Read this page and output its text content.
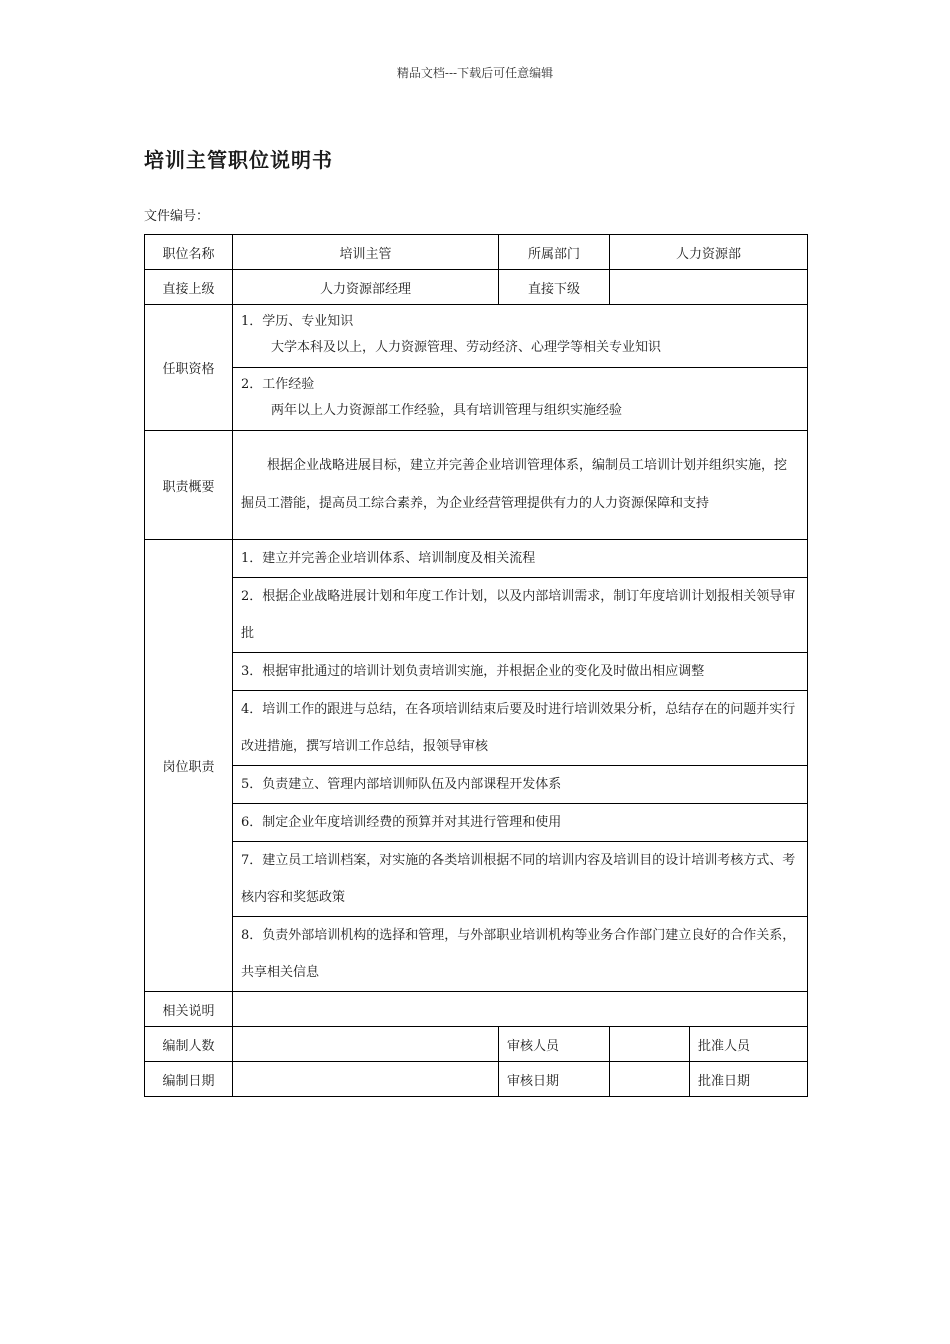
精品文档---下载后可任意编辑
培训主管职位说明书
文件编号：
职位名称	培训主管	所属部门	人力资源部	
直接上级	人力资源部经理	直接下级		
任职资格	1．学历、专业知识
大学本科及以上，人力资源管理、劳动经济、心理学等相关专业知识			

	2．工作经验
两年以上人力资源部工作经验，具有培训管理与组织实施经验			

职责概要	根据企业战略进展目标，建立并完善企业培训管理体系，编制员工培训计划并组织实施，挖掘员工潜能，提高员工综合素养，为企业经营管理提供有力的人力资源保障和支持			
岗位职责	1．建立并完善企业培训体系、培训制度及相关流程			
	2．根据企业战略进展计划和年度工作计划，以及内部培训需求，制订年度培训计划报相关领导审批			
	3．根据审批通过的培训计划负责培训实施，并根据企业的变化及时做出相应调整			
	4．培训工作的跟进与总结，在各项培训结束后要及时进行培训效果分析，总结存在的问题并实行改进措施，撰写培训工作总结，报领导审核			
	5．负责建立、管理内部培训师队伍及内部课程开发体系			
	6．制定企业年度培训经费的预算并对其进行管理和使用			
	7．建立员工培训档案，对实施的各类培训根据不同的培训内容及培训目的设计培训考核方式、考核内容和奖惩政策			
	8．负责外部培训机构的选择和管理，与外部职业培训机构等业务合作部门建立良好的合作关系，共享相关信息			
相关说明				
编制人数		审核人员		批准人员
编制日期		审核日期		批准日期
